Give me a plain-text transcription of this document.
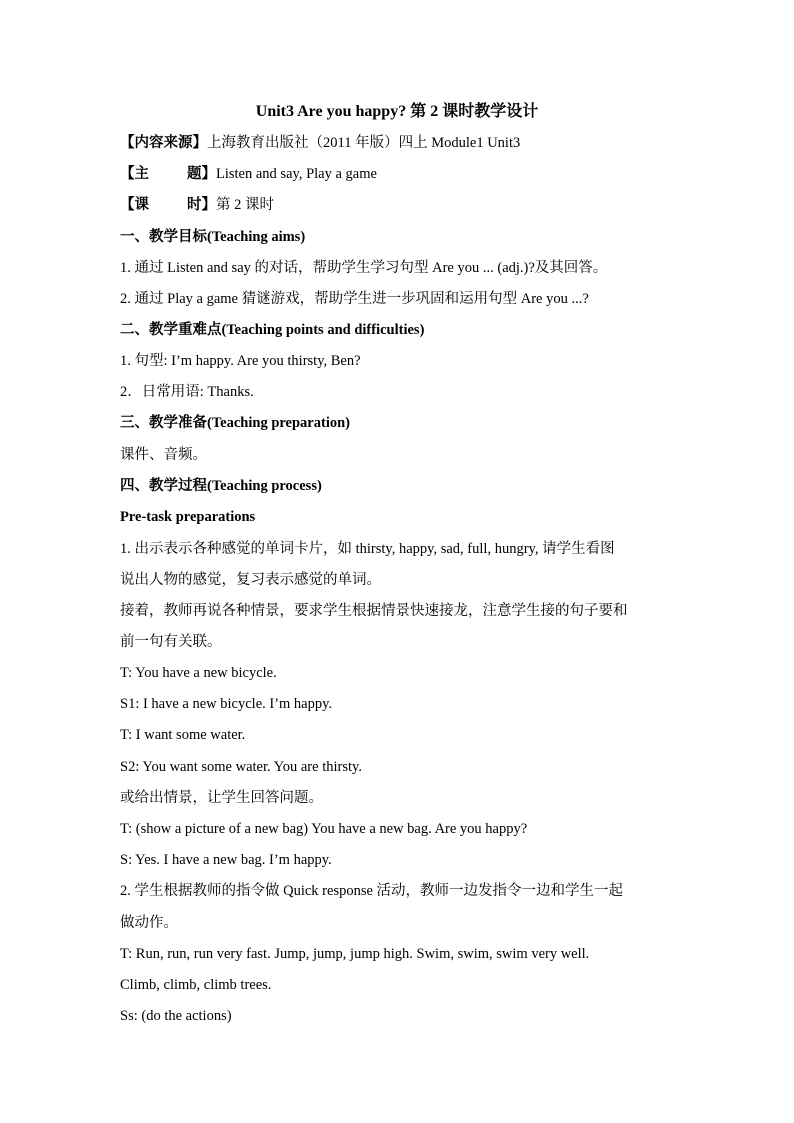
Unit3 Are you happy? 第 2 课时教学设计
【内容来源】上海教育出版社（2011 年版）四上 Module1 Unit3
【主	题】Listen and say, Play a game
【课	时】第 2 课时
一、教学目标(Teaching aims)
1. 通过 Listen and say 的对话，帮助学生学习句型 Are you ... (adj.)?及其回答。
2. 通过 Play a game 猜谜游戏，帮助学生进一步巩固和运用句型 Are you ...?
二、教学重难点(Teaching points and difficulties)
1. 句型: I’m happy. Are you thirsty, Ben?
2．日常用语: Thanks.
三、教学准备(Teaching preparation)
课件、音频。
四、教学过程(Teaching process)
Pre-task preparations
1. 出示表示各种感觉的单词卡片，如 thirsty, happy, sad, full, hungry, 请学生看图
说出人物的感觉，复习表示感觉的单词。
接着，教师再说各种情景，要求学生根据情景快速接龙，注意学生接的句子要和
前一句有关联。
T: You have a new bicycle.
S1: I have a new bicycle. I’m happy.
T: I want some water.
S2: You want some water. You are thirsty.
或给出情景，让学生回答问题。
T: (show a picture of a new bag) You have a new bag. Are you happy?
S: Yes. I have a new bag. I’m happy.
2. 学生根据教师的指令做 Quick response 活动，教师一边发指令一边和学生一起
做动作。
T: Run, run, run very fast. Jump, jump, jump high. Swim, swim, swim very well.
Climb, climb, climb trees.
Ss: (do the actions)
